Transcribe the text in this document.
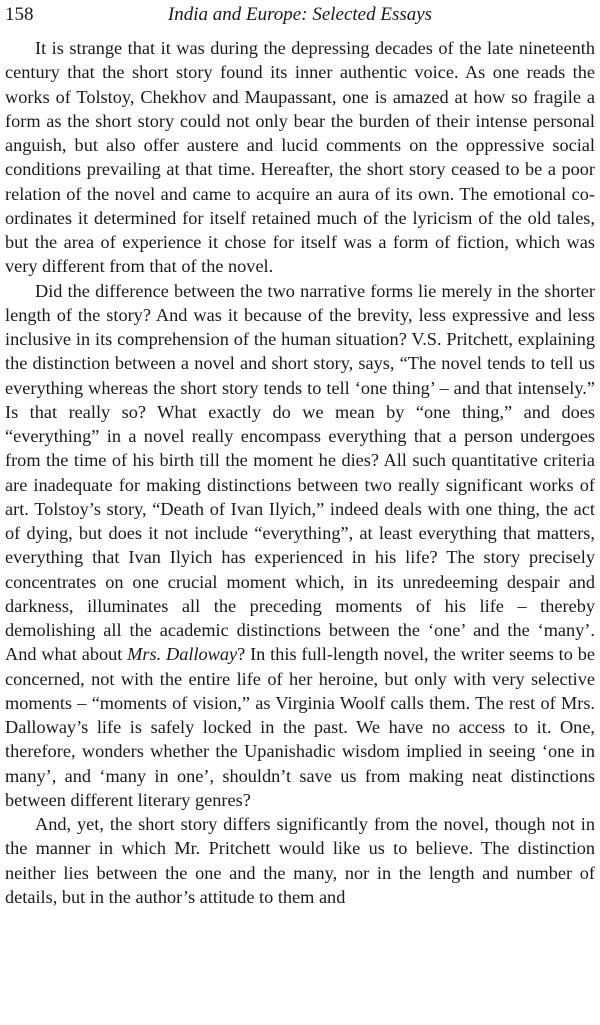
158	India and Europe: Selected Essays

It is strange that it was during the depressing decades of the late nineteenth century that the short story found its inner authentic voice. As one reads the works of Tolstoy, Chekhov and Maupassant, one is amazed at how so fragile a form as the short story could not only bear the burden of their intense personal anguish, but also offer austere and lucid comments on the oppressive social conditions prevailing at that time. Hereafter, the short story ceased to be a poor relation of the novel and came to acquire an aura of its own. The emotional co-ordinates it determined for itself retained much of the lyricism of the old tales, but the area of experience it chose for itself was a form of fiction, which was very different from that of the novel.

Did the difference between the two narrative forms lie merely in the shorter length of the story? And was it because of the brevity, less expressive and less inclusive in its comprehension of the human situation? V.S. Pritchett, explaining the distinction between a novel and short story, says, “The novel tends to tell us everything whereas the short story tends to tell ‘one thing’ – and that intensely.” Is that really so? What exactly do we mean by “one thing,” and does “everything” in a novel really encompass everything that a person undergoes from the time of his birth till the moment he dies? All such quantitative criteria are inadequate for making distinctions between two really significant works of art. Tolstoy’s story, “Death of Ivan Ilyich,” indeed deals with one thing, the act of dying, but does it not include “everything”, at least everything that matters, everything that Ivan Ilyich has experienced in his life? The story precisely concentrates on one crucial moment which, in its unredeeming despair and darkness, illuminates all the preceding moments of his life – thereby demolishing all the academic distinctions between the ‘one’ and the ‘many’. And what about Mrs. Dalloway? In this full-length novel, the writer seems to be concerned, not with the entire life of her heroine, but only with very selective moments – “moments of vision,” as Virginia Woolf calls them. The rest of Mrs. Dalloway’s life is safely locked in the past. We have no access to it. One, therefore, wonders whether the Upanishadic wisdom implied in seeing ‘one in many’, and ‘many in one’, shouldn’t save us from making neat distinctions between different literary genres?

And, yet, the short story differs significantly from the novel, though not in the manner in which Mr. Pritchett would like us to believe. The distinction neither lies between the one and the many, nor in the length and number of details, but in the author’s attitude to them and
